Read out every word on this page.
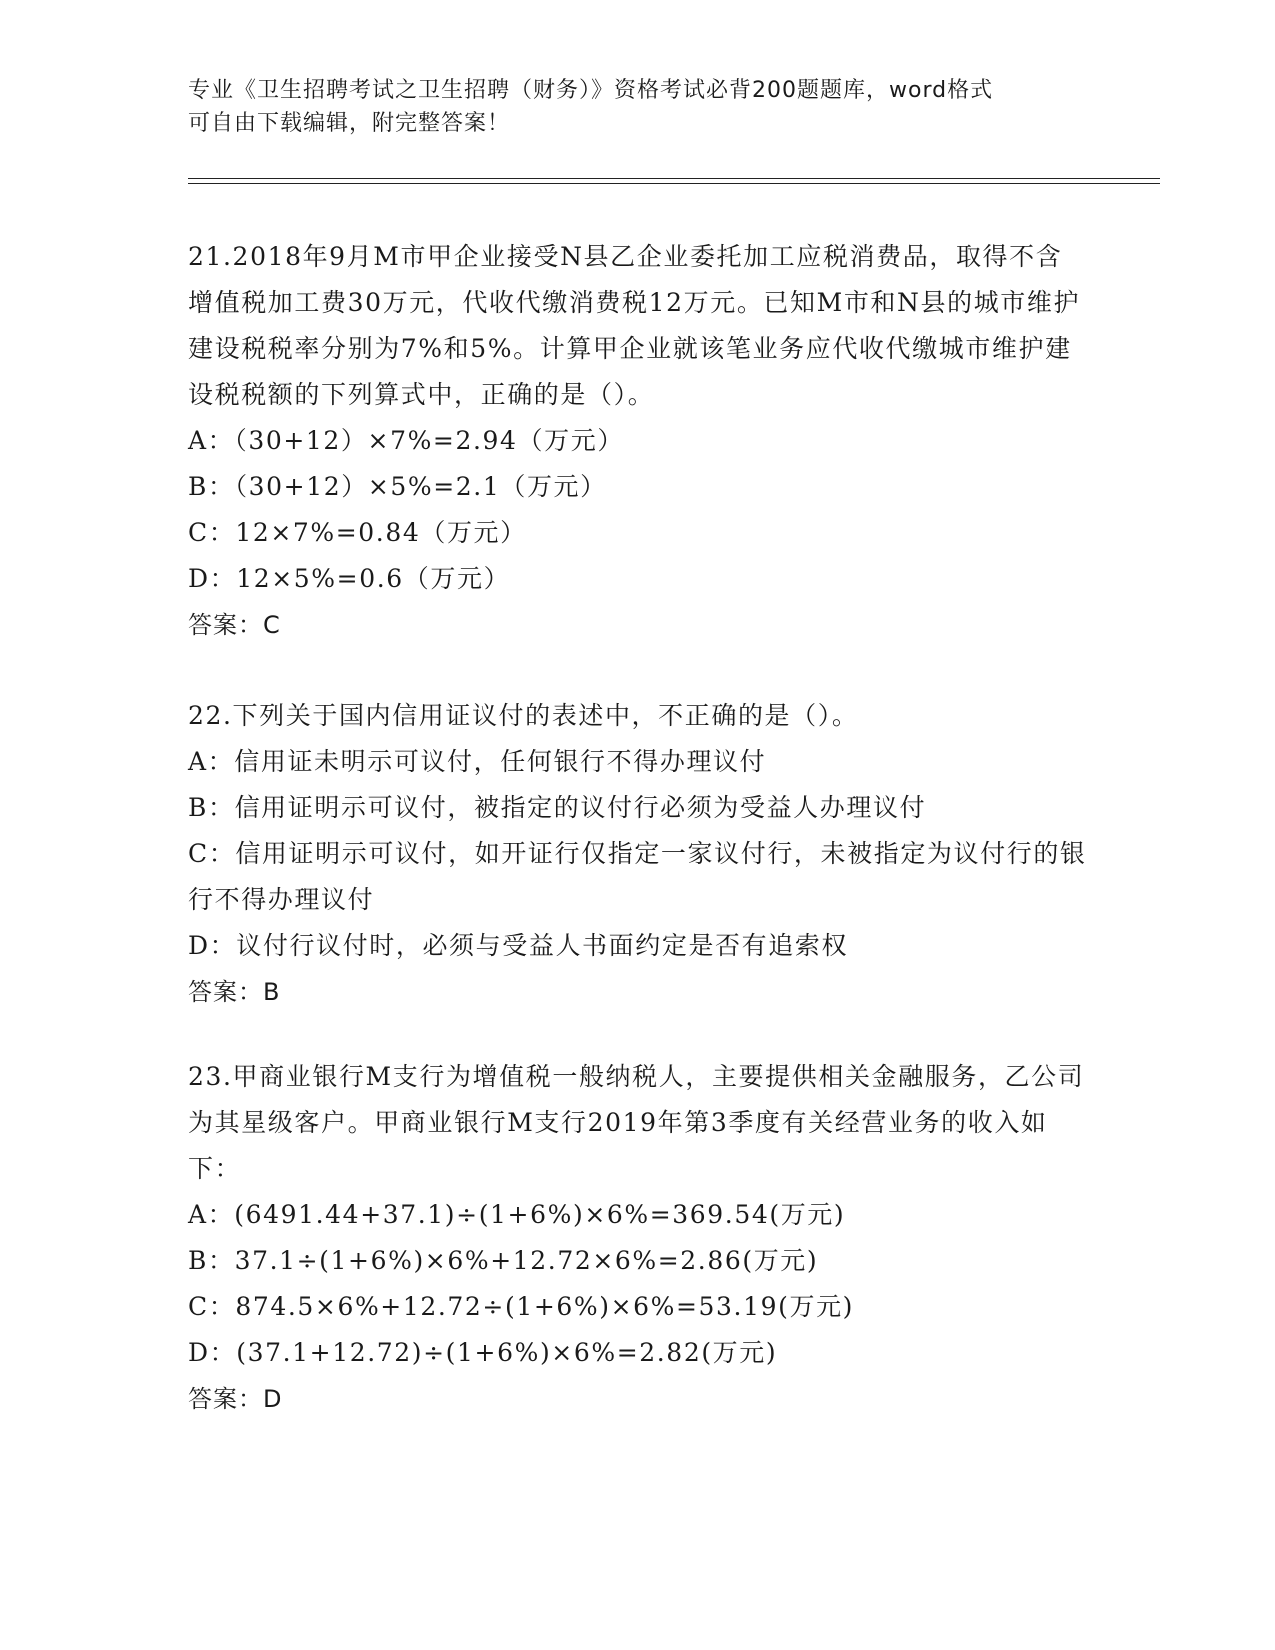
专业《卫生招聘考试之卫生招聘（财务）》资格考试必背200题题库，word格式
可自由下载编辑，附完整答案！

21.2018年9月M市甲企业接受N县乙企业委托加工应税消费品，取得不含增值税加工费30万元，代收代缴消费税12万元。已知M市和N县的城市维护建设税税率分别为7%和5%。计算甲企业就该笔业务应代收代缴城市维护建设税税额的下列算式中，正确的是（）。

A：（30+12）×7%=2.94（万元）

B：（30+12）×5%=2.1（万元）

C：12×7%=0.84（万元）

D：12×5%=0.6（万元）

答案：C

22.下列关于国内信用证议付的表述中，不正确的是（）。

A：信用证未明示可议付，任何银行不得办理议付

B：信用证明示可议付，被指定的议付行必须为受益人办理议付

C：信用证明示可议付，如开证行仅指定一家议付行，未被指定为议付行的银行不得办理议付

D：议付行议付时，必须与受益人书面约定是否有追索权

答案：B

23.甲商业银行M支行为增值税一般纳税人，主要提供相关金融服务，乙公司为其星级客户。甲商业银行M支行2019年第3季度有关经营业务的收入如下：

A：(6491.44+37.1)÷(1+6%)×6%=369.54(万元)

B：37.1÷(1+6%)×6%+12.72×6%=2.86(万元)

C：874.5×6%+12.72÷(1+6%)×6%=53.19(万元)

D：(37.1+12.72)÷(1+6%)×6%=2.82(万元)

答案：D
